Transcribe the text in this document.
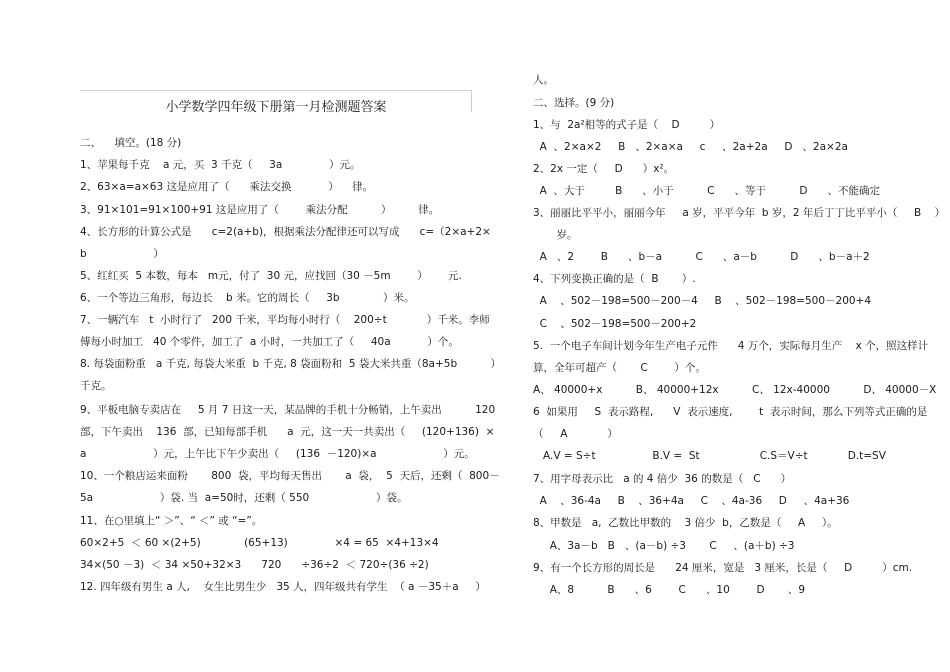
小学数学四年级下册第一月检测题答案
二、    填空。(18 分)
1、苹果每千克    a 元，买  3 千克（     3a              ）元。
2、63×a=a×63 这是应用了（      乘法交换           ）    律。
3、91×101=91×100+91 这是应用了（        乘法分配          ）        律。
4、长方形的计算公式是      c=2(a+b)，根据乘法分配律还可以写成      c=（2×a+2×
b                    ）
5、红红买  5 本数，每本   m元，付了  30 元，应找回（30 －5m        ）      元.
6、一个等边三角形，每边长    b 米。它的周长（     3b             ）米。
7、一辆汽车   t  小时行了   200 千米，平均每小时行（    200÷t            ）千米。李师
傅每小时加工   40 个零件，加工了  a 小时，一共加工了（     40a           ）个。
8. 每袋面粉重   a 千克, 每袋大米重  b 千克, 8 袋面粉和  5 袋大米共重（8a+5b          ）
千克。
9、平板电脑专卖店在     5 月 7 日这一天，某品牌的手机十分畅销，上午卖出          120
部，下午卖出    136  部，已知每部手机      a  元，这一天一共卖出（     (120+136)  ×
a                    ）元，上午比下午少卖出（     (136  －120)×a                    ）元。
10、一个粮店运来面粉       800  袋，平均每天售出       a  袋，  5  天后，还剩（  800－
5a                    ）袋. 当  a=50时，还剩（ 550                    ）袋。
11、在○里填上“ ＞”、“ ＜” 或 “=”。
60×2+5  ＜ 60 ×(2+5)             (65+13)              ×4 = 65  ×4+13×4
34×(50 －3)  ＜ 34 ×50+32×3      720      ÷36÷2  ＜ 720÷(36 ÷2)
12. 四年级有男生 a 人,    女生比男生少   35 人，四年级共有学生  （ a －35＋a     ）
人。
二、选择。(9 分)
1、与  2a²相等的式子是（    D         ）
A  、2×a×2     B   、2×a×a     c     、2a+2a     D   、2a×2a
2、2x 一定（     D      ）x²。
A  、大于         B      、小于          C      、等于          D      、不能确定
3、丽丽比平平小，丽丽今年     a 岁，平平今年  b 岁，2 年后丁丁比平平小（     B    ）
岁。
A   、2        B      、b－a          C      、a－b          D      、b－a＋2
4、下列变换正确的是（  B       ）.
A    、502－198=500－200－4     B    、502－198=500－200+4
C    、502－198=500－200+2
5.  一个电子车间计划今年生产电子元件      4 万个，实际每月生产    x 个，照这样计
算，全年可超产（       C        ）个。
A、 40000+x          B、 40000+12x          C、 12x-40000          D、 40000－X
6  如果用     S  表示路程,      V  表示速度,        t  表示时间，那么下列等式正确的是
（     A            ）
A.V = S÷t                 B.V =  St                  C.S＝V÷t            D.t=SV
7、用字母表示比   a 的 4 倍少  36 的数是（   C      ）
A    、36-4a     B    、36+4a     C    、4a-36     D     、4a+36
8、甲数是   a,  乙数比甲数的    3 倍少  b，乙数是（     A     ）。
A、3a－b   B   、(a－b) ÷3       C     、(a＋b) ÷3
9、有一个长方形的周长是      24 厘米，宽是   3 厘米，长是（     D         ）cm.
A、8          B      、6        C      、10        D       、9
